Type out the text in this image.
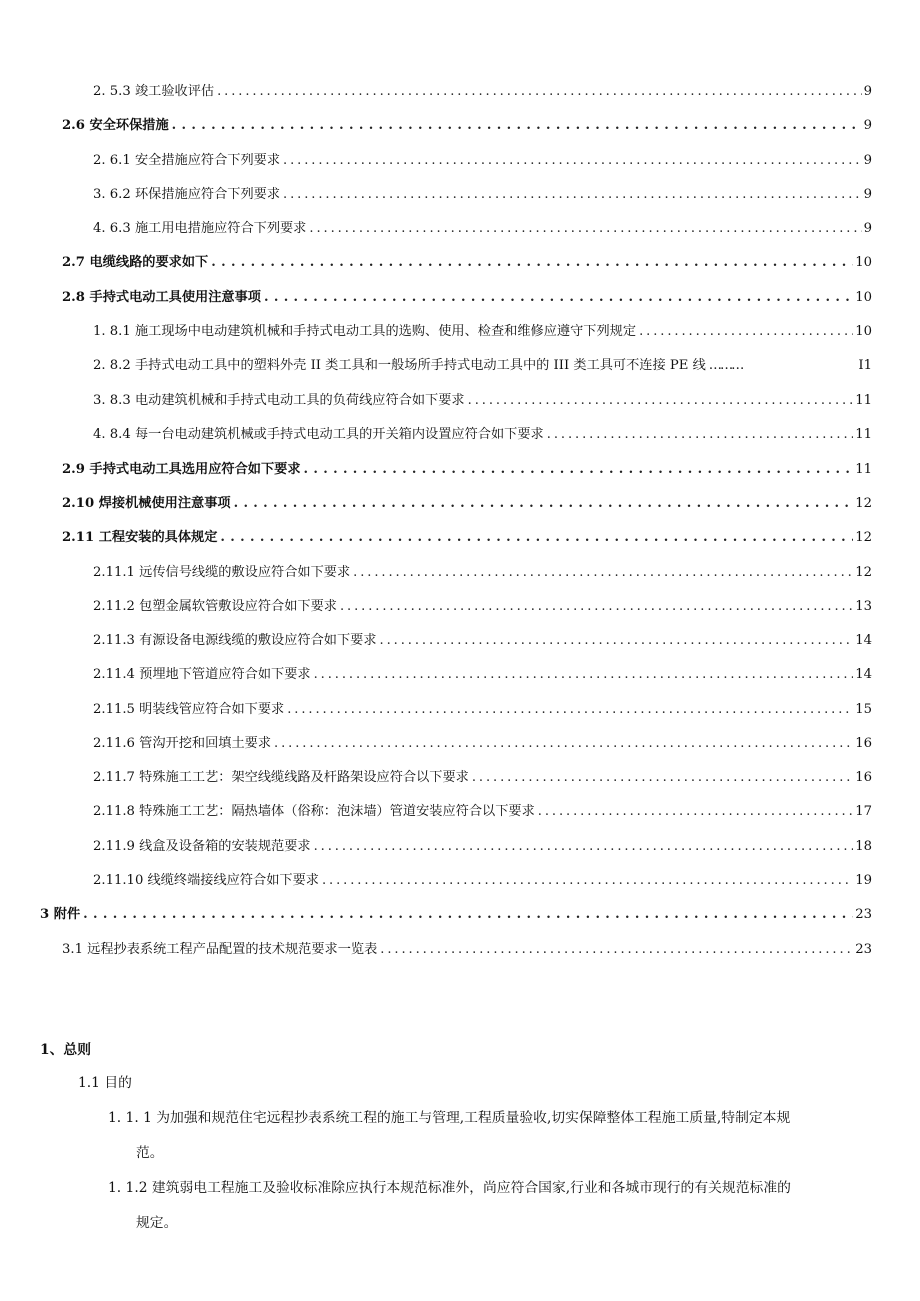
2. 5.3 竣工验收评估 . . .	9
2.6 安全环保措施 . . .	9
2. 6.1 安全措施应符合下列要求 . . .	9
3. 6.2 环保措施应符合下列要求 . . .	9
4. 6.3 施工用电措施应符合下列要求 . . .	9
2.7 电缆线路的要求如下 . . .	10
2.8 手持式电动工具使用注意事项 . . .	10
1. 8.1 施工现场中电动建筑机械和手持式电动工具的选购、使用、检查和维修应遵守下列规定 . . .	10
2. 8.2 手持式电动工具中的塑料外壳 II 类工具和一般场所手持式电动工具中的 III 类工具可不连接 PE 线 ………	I1
3. 8.3 电动建筑机械和手持式电动工具的负荷线应符合如下要求 . . .	11
4. 8.4 每一台电动建筑机械或手持式电动工具的开关箱内设置应符合如下要求 . . .	11
2.9 手持式电动工具选用应符合如下要求 . . .	11
2.10 焊接机械使用注意事项 . . .	12
2.11 工程安装的具体规定 . . .	12
2.11.1 远传信号线缆的敷设应符合如下要求 . . .	12
2.11.2 包塑金属软管敷设应符合如下要求 . . .	13
2.11.3 有源设备电源线缆的敷设应符合如下要求 . . .	14
2.11.4 预埋地下管道应符合如下要求 . . .	14
2.11.5 明装线管应符合如下要求 . . .	15
2.11.6 管沟开挖和回填土要求 . . .	16
2.11.7 特殊施工工艺：架空线缆线路及杆路架设应符合以下要求 . . .	16
2.11.8 特殊施工工艺：隔热墙体（俗称：泡沫墙）管道安装应符合以下要求 . . .	17
2.11.9 线盒及设备箱的安装规范要求 . . .	18
2.11.10 线缆终端接线应符合如下要求 . . .	19
3 附件 . . .	23
3.1 远程抄表系统工程产品配置的技术规范要求一览表 . . .	23
1、总则
1.1 目的
1. 1. 1 为加强和规范住宅远程抄表系统工程的施工与管理,工程质量验收,切实保障整体工程施工质量,特制定本规
范。
1. 1.2 建筑弱电工程施工及验收标准除应执行本规范标准外，尚应符合国家,行业和各城市现行的有关规范标准的
规定。
